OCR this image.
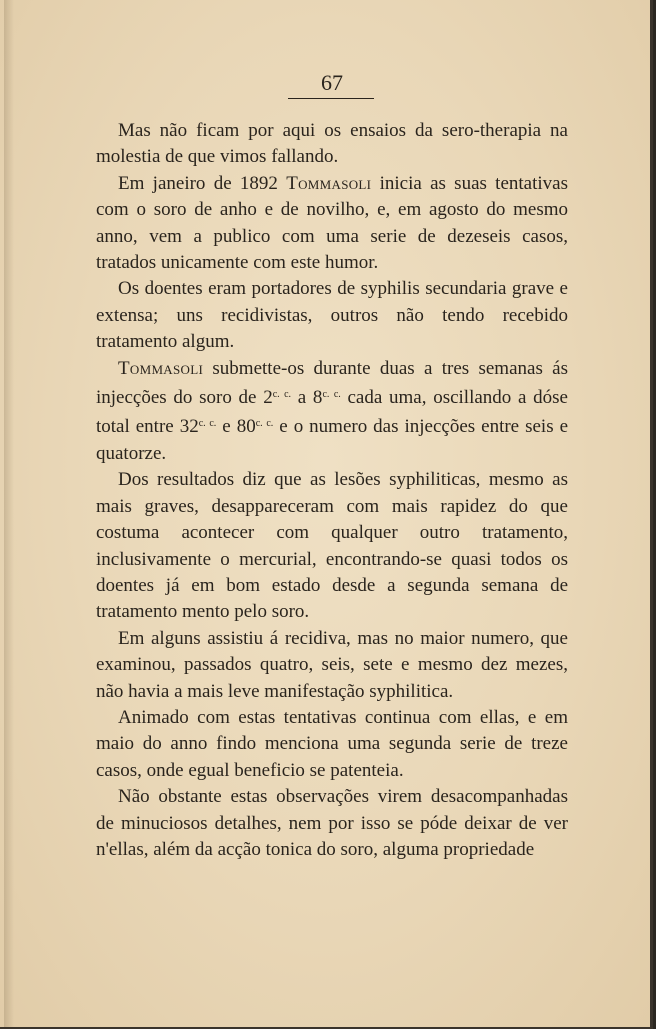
67

Mas não ficam por aqui os ensaios da sero-therapia na molestia de que vimos fallando.

Em janeiro de 1892 Tommasoli inicia as suas tentativas com o soro de anho e de novilho, e, em agosto do mesmo anno, vem a publico com uma serie de dezeseis casos, tratados unicamente com este humor.

Os doentes eram portadores de syphilis secundaria grave e extensa; uns recidivistas, outros não tendo recebido tratamento algum.

Tommasoli submette-os durante duas a tres semanas ás injecções do soro de $2^{c. c.}$ a $8^{c. c.}$ cada uma, oscillando a dóse total entre $32^{c. c.}$ e $80^{c. c.}$ e o numero das injecções entre seis e quatorze.

Dos resultados diz que as lesões syphiliticas, mesmo as mais graves, desappareceram com mais rapidez do que costuma acontecer com qualquer outro tratamento, inclusivamente o mercurial, encontrando-se quasi todos os doentes já em bom estado desde a segunda semana de tratamento mento pelo soro.

Em alguns assistiu á recidiva, mas no maior numero, que examinou, passados quatro, seis, sete e mesmo dez mezes, não havia a mais leve manifestação syphilitica.

Animado com estas tentativas continua com ellas, e em maio do anno findo menciona uma segunda serie de treze casos, onde egual beneficio se patenteia.

Não obstante estas observações virem desacompanhadas de minuciosos detalhes, nem por isso se póde deixar de ver n'ellas, além da acção tonica do soro, alguma propriedade
